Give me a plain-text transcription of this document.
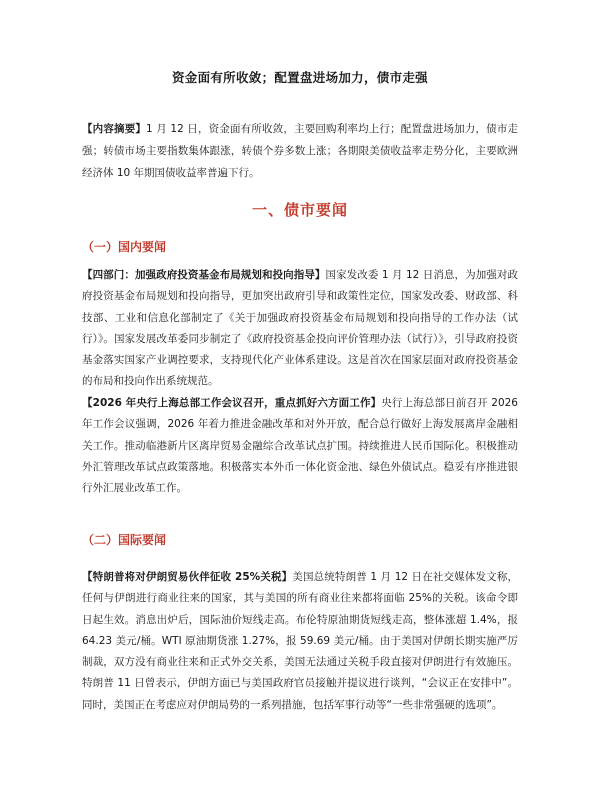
资金面有所收敛；配置盘进场加力，债市走强
【内容摘要】1 月 12 日，资金面有所收敛，主要回购利率均上行；配置盘进场加力，债市走强；转债市场主要指数集体跟涨，转债个券多数上涨；各期限美债收益率走势分化，主要欧洲经济体 10 年期国债收益率普遍下行。
一、债市要闻
（一）国内要闻
【四部门：加强政府投资基金布局规划和投向指导】国家发改委 1 月 12 日消息，为加强对政府投资基金布局规划和投向指导，更加突出政府引导和政策性定位，国家发改委、财政部、科技部、工业和信息化部制定了《关于加强政府投资基金布局规划和投向指导的工作办法（试行）》。国家发展改革委同步制定了《政府投资基金投向评价管理办法（试行）》，引导政府投资基金落实国家产业调控要求，支持现代化产业体系建设。这是首次在国家层面对政府投资基金的布局和投向作出系统规范。
【2026 年央行上海总部工作会议召开，重点抓好六方面工作】央行上海总部日前召开 2026 年工作会议强调，2026 年着力推进金融改革和对外开放，配合总行做好上海发展离岸金融相关工作。推动临港新片区离岸贸易金融综合改革试点扩围。持续推进人民币国际化。积极推动外汇管理改革试点政策落地。积极落实本外币一体化资金池、绿色外债试点。稳妥有序推进银行外汇展业改革工作。
（二）国际要闻
【特朗普将对伊朗贸易伙伴征收 25%关税】美国总统特朗普 1 月 12 日在社交媒体发文称，任何与伊朗进行商业往来的国家，其与美国的所有商业往来都将面临 25%的关税。该命令即日起生效。消息出炉后，国际油价短线走高。布伦特原油期货短线走高，整体涨超 1.4%，报 64.23 美元/桶。WTI 原油期货涨 1.27%，报 59.69 美元/桶。由于美国对伊朗长期实施严厉制裁，双方没有商业往来和正式外交关系，美国无法通过关税手段直接对伊朗进行有效施压。特朗普 11 日曾表示，伊朗方面已与美国政府官员接触并提议进行谈判，“会议正在安排中”。同时，美国正在考虑应对伊朗局势的一系列措施，包括军事行动等“一些非常强硬的选项”。
